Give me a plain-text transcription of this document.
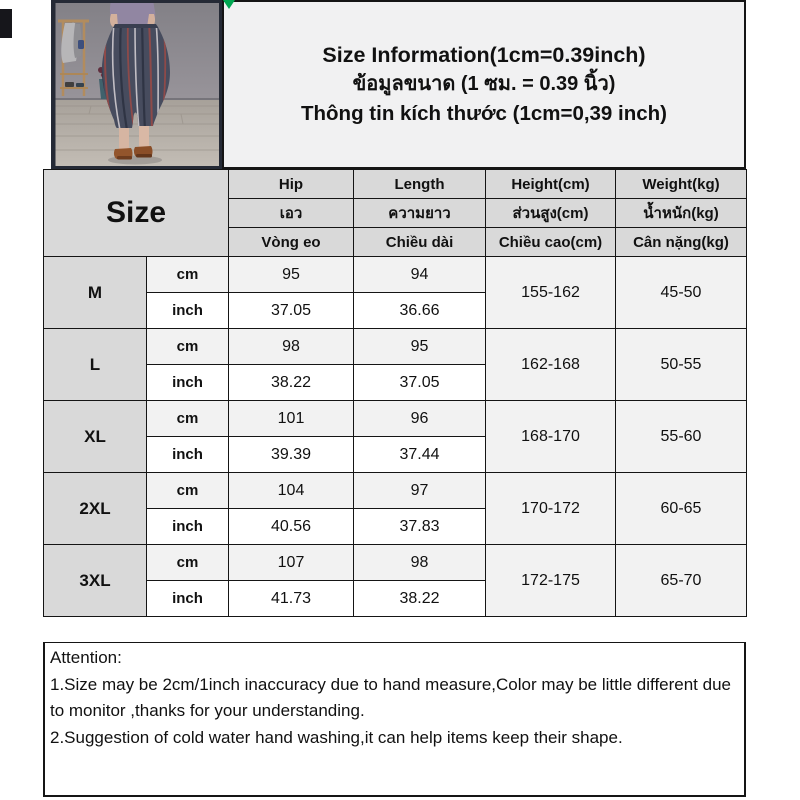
Size Information(1cm=0.39inch)
ข้อมูลขนาด (1 ซม. = 0.39 นิ้ว)
Thông tin kích thước (1cm=0,39 inch)
Size		Hip	Length	Height(cm)	Weight(kg)
		เอว	ความยาว	ส่วนสูง(cm)	น้ำหนัก(kg)
		Vòng eo	Chiều dài	Chiều cao(cm)	Cân nặng(kg)
M	cm	95	94	155-162	45-50
	inch	37.05	36.66		
L	cm	98	95	162-168	50-55
	inch	38.22	37.05		
XL	cm	101	96	168-170	55-60
	inch	39.39	37.44		
2XL	cm	104	97	170-172	60-65
	inch	40.56	37.83		
3XL	cm	107	98	172-175	65-70
	inch	41.73	38.22		

Attention:

1.Size may be 2cm/1inch inaccuracy due to hand measure,Color may be little different due to monitor ,thanks for your understanding.

2.Suggestion of cold water hand washing,it can help items keep their shape.
